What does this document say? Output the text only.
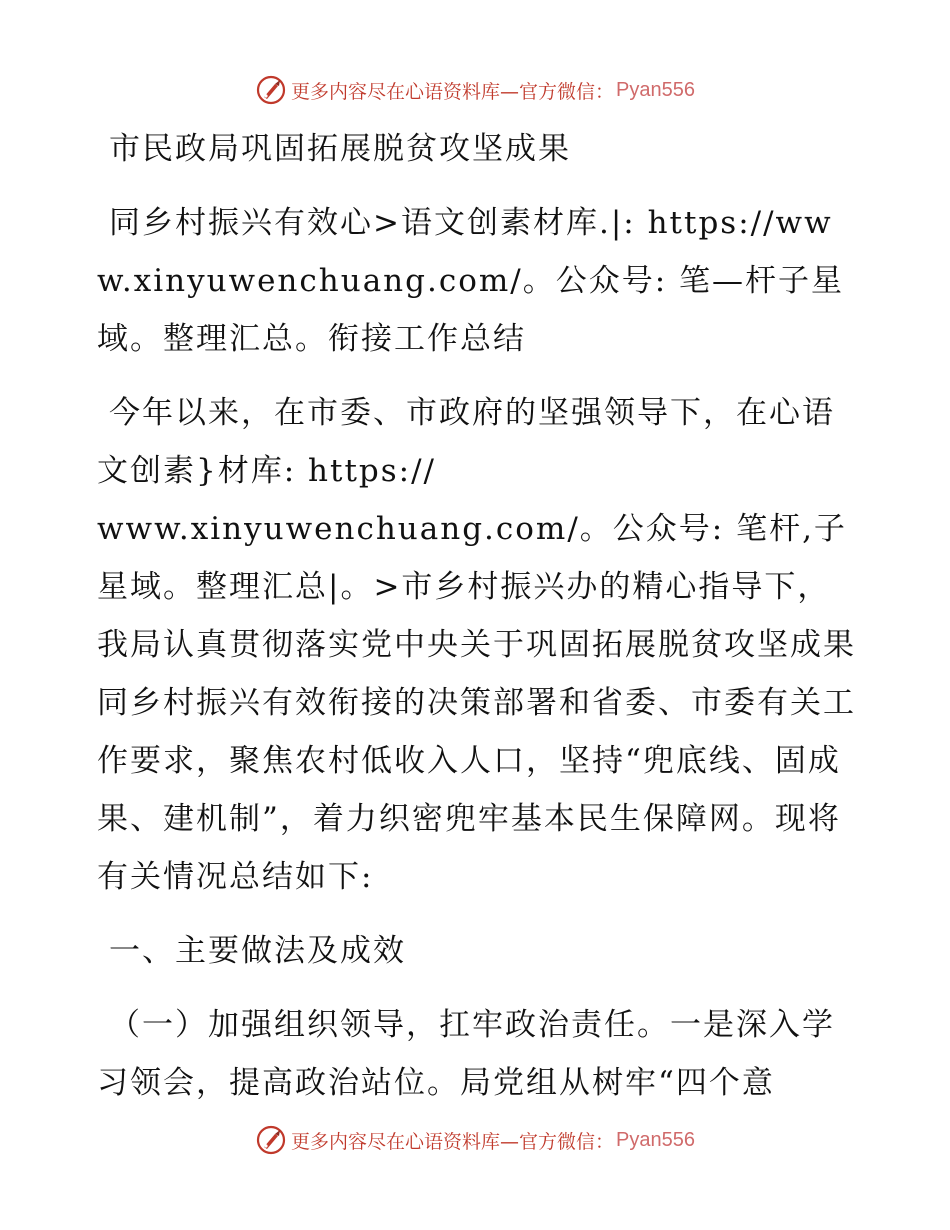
更多内容尽在心语资料库—官方微信： Pyan556

市民政局巩固拓展脱贫攻坚成果

同乡村振兴有效心>语文创素材库.|: https://www.xinyuwenchuang.com/。公众号: 笔—杆子星域。整理汇总。衔接工作总结

今年以来，在市委、市政府的坚强领导下，在心语文创素}材库: https://

www.xinyuwenchuang.com/。公众号: 笔杆,子星域。整理汇总|。>市乡村振兴办的精心指导下，我局认真贯彻落实党中央关于巩固拓展脱贫攻坚成果同乡村振兴有效衔接的决策部署和省委、市委有关工作要求，聚焦农村低收入人口，坚持“兜底线、固成果、建机制”，着力织密兜牢基本民生保障网。现将有关情况总结如下:

一、主要做法及成效

（一）加强组织领导，扛牢政治责任。一是深入学习领会，提高政治站位。局党组从树牢“四个意

更多内容尽在心语资料库—官方微信： Pyan556
